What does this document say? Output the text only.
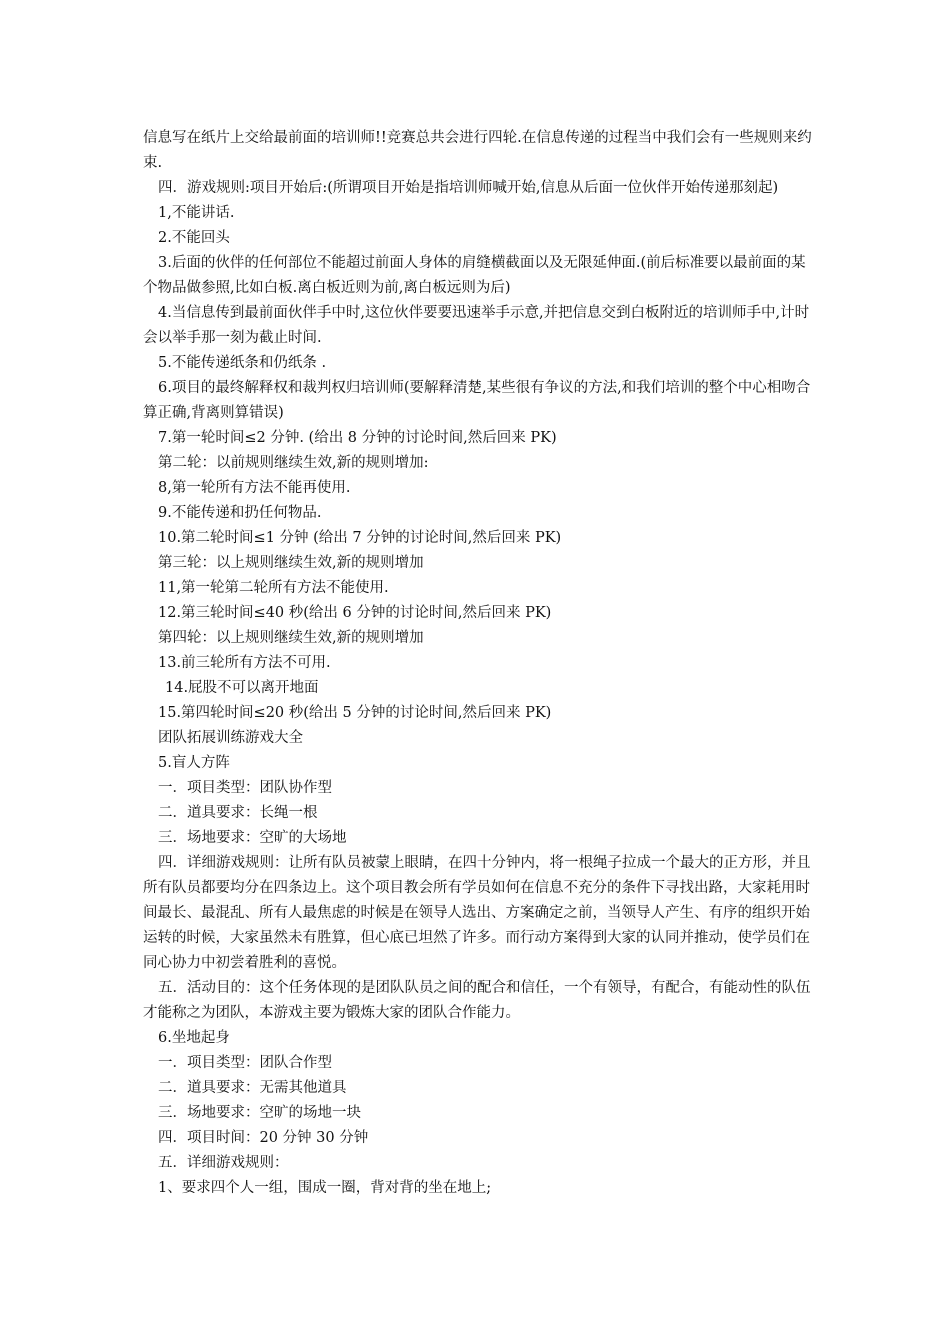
信息写在纸片上交给最前面的培训师!!竞赛总共会进行四轮.在信息传递的过程当中我们会有一些规则来约束.

四．游戏规则:项目开始后:(所谓项目开始是指培训师喊开始,信息从后面一位伙伴开始传递那刻起)

1,不能讲话.

2.不能回头

3.后面的伙伴的任何部位不能超过前面人身体的肩缝横截面以及无限延伸面.(前后标准要以最前面的某个物品做参照,比如白板.离白板近则为前,离白板远则为后)

4.当信息传到最前面伙伴手中时,这位伙伴要要迅速举手示意,并把信息交到白板附近的培训师手中,计时会以举手那一刻为截止时间.

5.不能传递纸条和仍纸条 .

6.项目的最终解释权和裁判权归培训师(要解释清楚,某些很有争议的方法,和我们培训的整个中心相吻合算正确,背离则算错误)

7.第一轮时间≤2 分钟. (给出 8 分钟的讨论时间,然后回来 PK)

第二轮：以前规则继续生效,新的规则增加:

8,第一轮所有方法不能再使用.

9.不能传递和扔任何物品.

10.第二轮时间≤1 分钟 (给出 7 分钟的讨论时间,然后回来 PK)

第三轮：以上规则继续生效,新的规则增加

11,第一轮第二轮所有方法不能使用.

12.第三轮时间≤40 秒(给出 6 分钟的讨论时间,然后回来 PK)

第四轮：以上规则继续生效,新的规则增加

13.前三轮所有方法不可用.

14.屁股不可以离开地面

15.第四轮时间≤20 秒(给出 5 分钟的讨论时间,然后回来 PK)

团队拓展训练游戏大全

5.盲人方阵

一．项目类型：团队协作型

二．道具要求：长绳一根

三．场地要求：空旷的大场地

四．详细游戏规则：让所有队员被蒙上眼睛，在四十分钟内，将一根绳子拉成一个最大的正方形，并且所有队员都要均分在四条边上。这个项目教会所有学员如何在信息不充分的条件下寻找出路，大家耗用时间最长、最混乱、所有人最焦虑的时候是在领导人选出、方案确定之前，当领导人产生、有序的组织开始运转的时候，大家虽然未有胜算，但心底已坦然了许多。而行动方案得到大家的认同并推动，使学员们在同心协力中初尝着胜利的喜悦。

五．活动目的：这个任务体现的是团队队员之间的配合和信任，一个有领导，有配合，有能动性的队伍才能称之为团队，本游戏主要为锻炼大家的团队合作能力。

6.坐地起身

一．项目类型：团队合作型

二．道具要求：无需其他道具

三．场地要求：空旷的场地一块

四．项目时间：20 分钟 30 分钟

五．详细游戏规则：

1、要求四个人一组，围成一圈，背对背的坐在地上;
